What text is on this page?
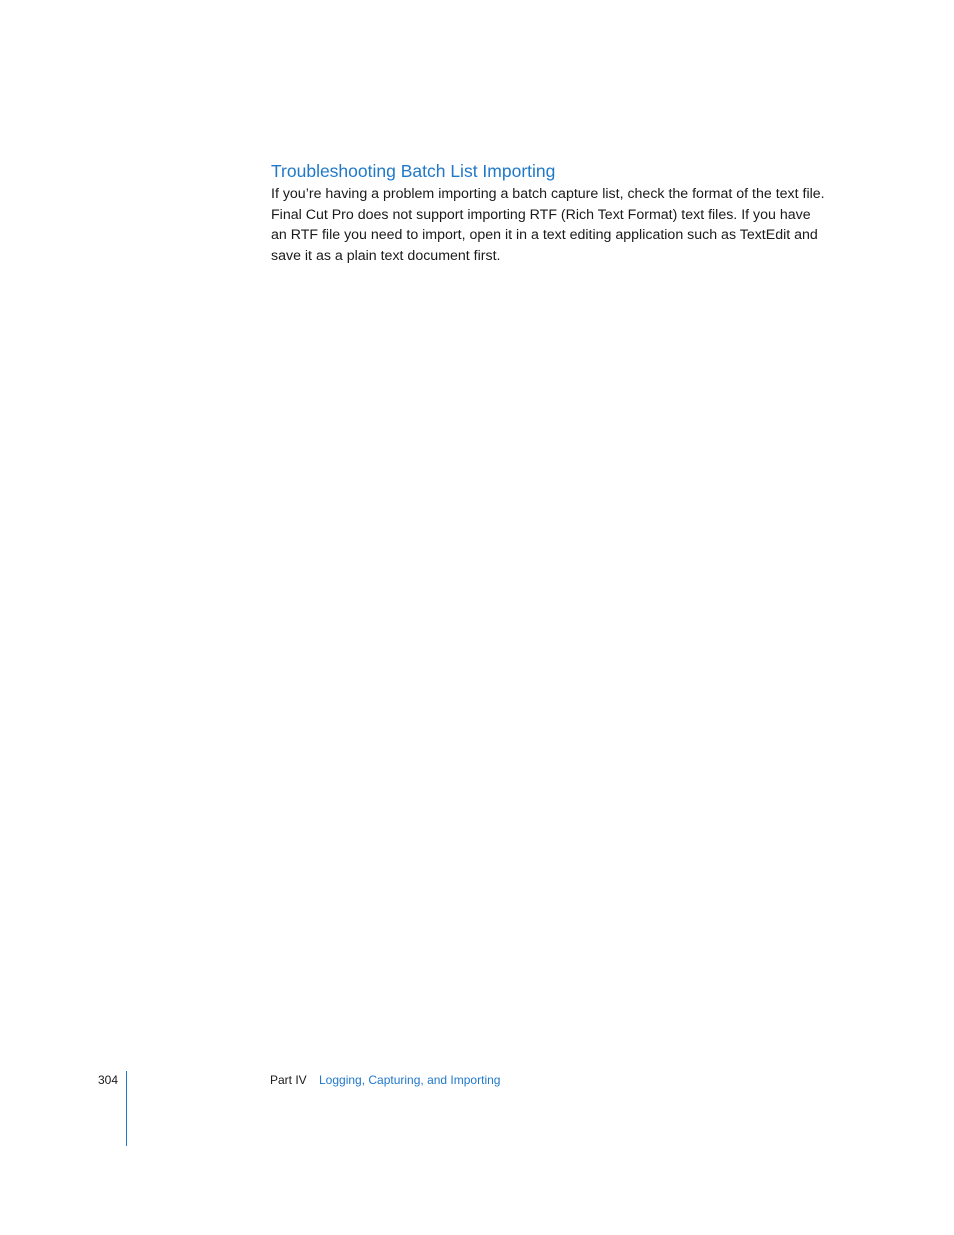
Troubleshooting Batch List Importing

If you’re having a problem importing a batch capture list, check the format of the text file. Final Cut Pro does not support importing RTF (Rich Text Format) text files. If you have an RTF file you need to import, open it in a text editing application such as TextEdit and save it as a plain text document first.

304	Part IV Logging, Capturing, and Importing
